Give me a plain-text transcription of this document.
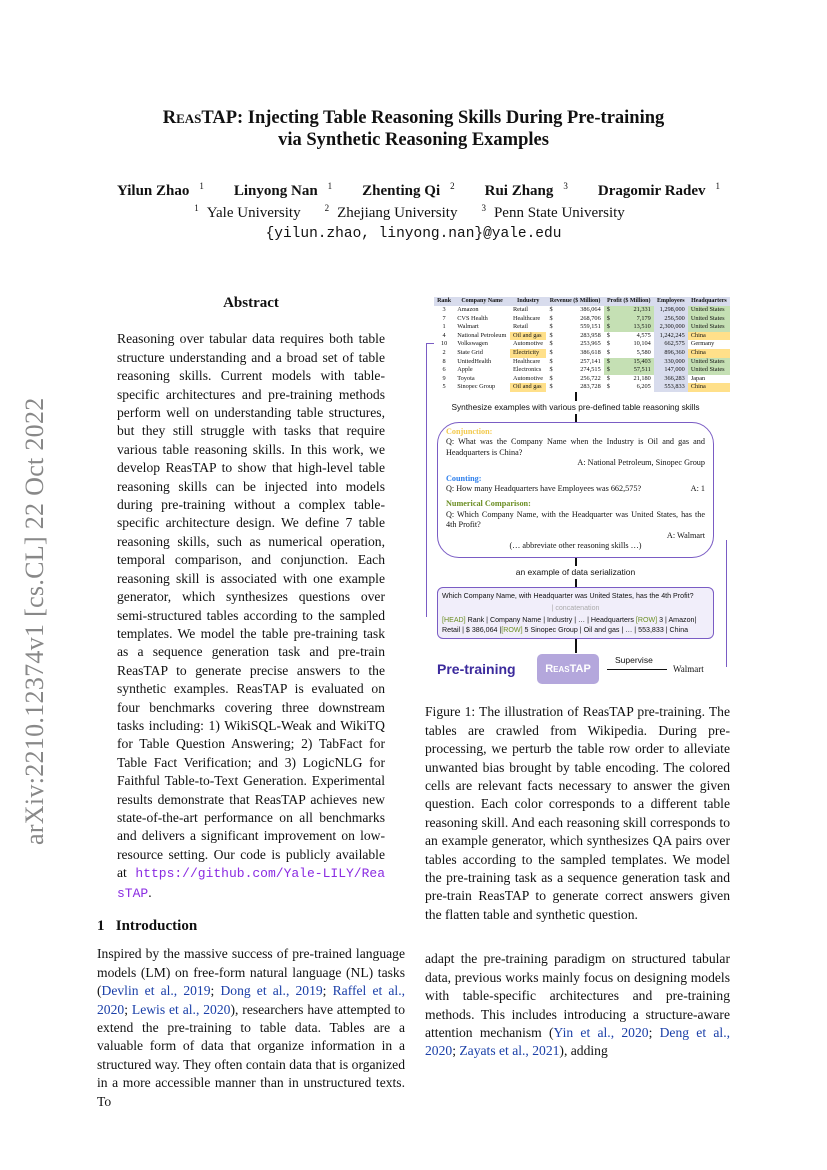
ReasTAP: Injecting Table Reasoning Skills During Pre-training
via Synthetic Reasoning Examples
Yilun Zhao $^1$ Linyong Nan $^1$ Zhenting Qi $^2$ Rui Zhang $^3$ Dragomir Radev $^1$
$^1$ Yale University	$^2$ Zhejiang University	$^3$ Penn State University
{yilun.zhao, linyong.nan}@yale.edu
arXiv:2210.12374v1 [cs.CL] 22 Oct 2022
Abstract
Reasoning over tabular data requires both table structure understanding and a broad set of table reasoning skills. Current models with table-specific architectures and pre-training methods perform well on understanding table structures, but they still struggle with tasks that require various table reasoning skills. In this work, we develop ReasTAP to show that high-level table reasoning skills can be injected into models during pre-training without a complex table-specific architecture design. We define 7 table reasoning skills, such as numerical operation, temporal comparison, and conjunction. Each reasoning skill is associated with one example generator, which synthesizes questions over semi-structured tables according to the sampled templates. We model the table pre-training task as a sequence generation task and pre-train ReasTAP to generate precise answers to the synthetic examples. ReasTAP is evaluated on four benchmarks covering three downstream tasks including: 1) WikiSQL-Weak and WikiTQ for Table Question Answering; 2) TabFact for Table Fact Verification; and 3) LogicNLG for Faithful Table-to-Text Generation. Experimental results demonstrate that ReasTAP achieves new state-of-the-art performance on all benchmarks and delivers a significant improvement on low-resource setting. Our code is publicly available at https://github.com/Yale-LILY/ReasTAP.
1 Introduction
Inspired by the massive success of pre-trained language models (LM) on free-form natural language (NL) tasks (Devlin et al., 2019; Dong et al., 2019; Raffel et al., 2020; Lewis et al., 2020), researchers have attempted to extend the pre-training to table data. Tables are a valuable form of data that organize information in a structured way. They often contain data that is organized in a more accessible manner than in unstructured texts. To
Rank	Company Name	Industry	Revenue ($ Million)		Profit ($ Million)		Employees	Headquarters
3	Amazon	Retail	$	386,064	$	21,331	1,298,000	United States
7	CVS Health	Healthcare	$	268,706	$	7,179	256,500	United States
1	Walmart	Retail	$	559,151	$	13,510	2,300,000	United States
4	National Petroleum	Oil and gas	$	283,958	$	4,575	1,242,245	China
10	Volkswagen	Automotive	$	253,965	$	10,104	662,575	Germany
2	State Grid	Electricity	$	386,618	$	5,580	896,360	China
8	UnitedHealth	Healthcare	$	257,141	$	15,403	330,000	United States
6	Apple	Electronics	$	274,515	$	57,511	147,000	United States
9	Toyota	Automotive	$	256,722	$	21,180	366,283	Japan
5	Sinopec Group	Oil and gas	$	283,728	$	6,205	553,833	China
Synthesize examples with various pre-defined table reasoning skills
Conjunction:
Q: What was the Company Name when the Industry is Oil and gas and Headquarters is China?
A: National Petroleum, Sinopec Group
Counting:
Q: How many Headquarters have Employees was 662,575?	A: 1
Numerical Comparison:
Q: Which Company Name, with the Headquarter was United States, has the 4th Profit?
A: Walmart
(… abbreviate other reasoning skills …)
an example of data serialization
Which Company Name, with Headquarter was United States, has the 4th Profit?
| concatenation
[HEAD] Rank | Company Name | Industry | … | Headquarters [ROW] 3 | Amazon| Retail | $ 386,064 |[ROW] 5 Sinopec Group | Oil and gas | … | 553,833 | China
Pre-training	ReasTAP
Supervise
Walmart
Figure 1: The illustration of ReasTAP pre-training. The tables are crawled from Wikipedia. During pre-processing, we perturb the table row order to alleviate unwanted bias brought by table encoding. The colored cells are relevant facts necessary to answer the given question. Each color corresponds to a different table reasoning skill. And each reasoning skill corresponds to an example generator, which synthesizes QA pairs over tables according to the sampled templates. We model the pre-training task as a sequence generation task and pre-train ReasTAP to generate correct answers given the flatten table and synthetic question.
adapt the pre-training paradigm on structured tabular data, previous works mainly focus on designing models with table-specific architectures and pre-training methods. This includes introducing a structure-aware attention mechanism (Yin et al., 2020; Deng et al., 2020; Zayats et al., 2021), adding
